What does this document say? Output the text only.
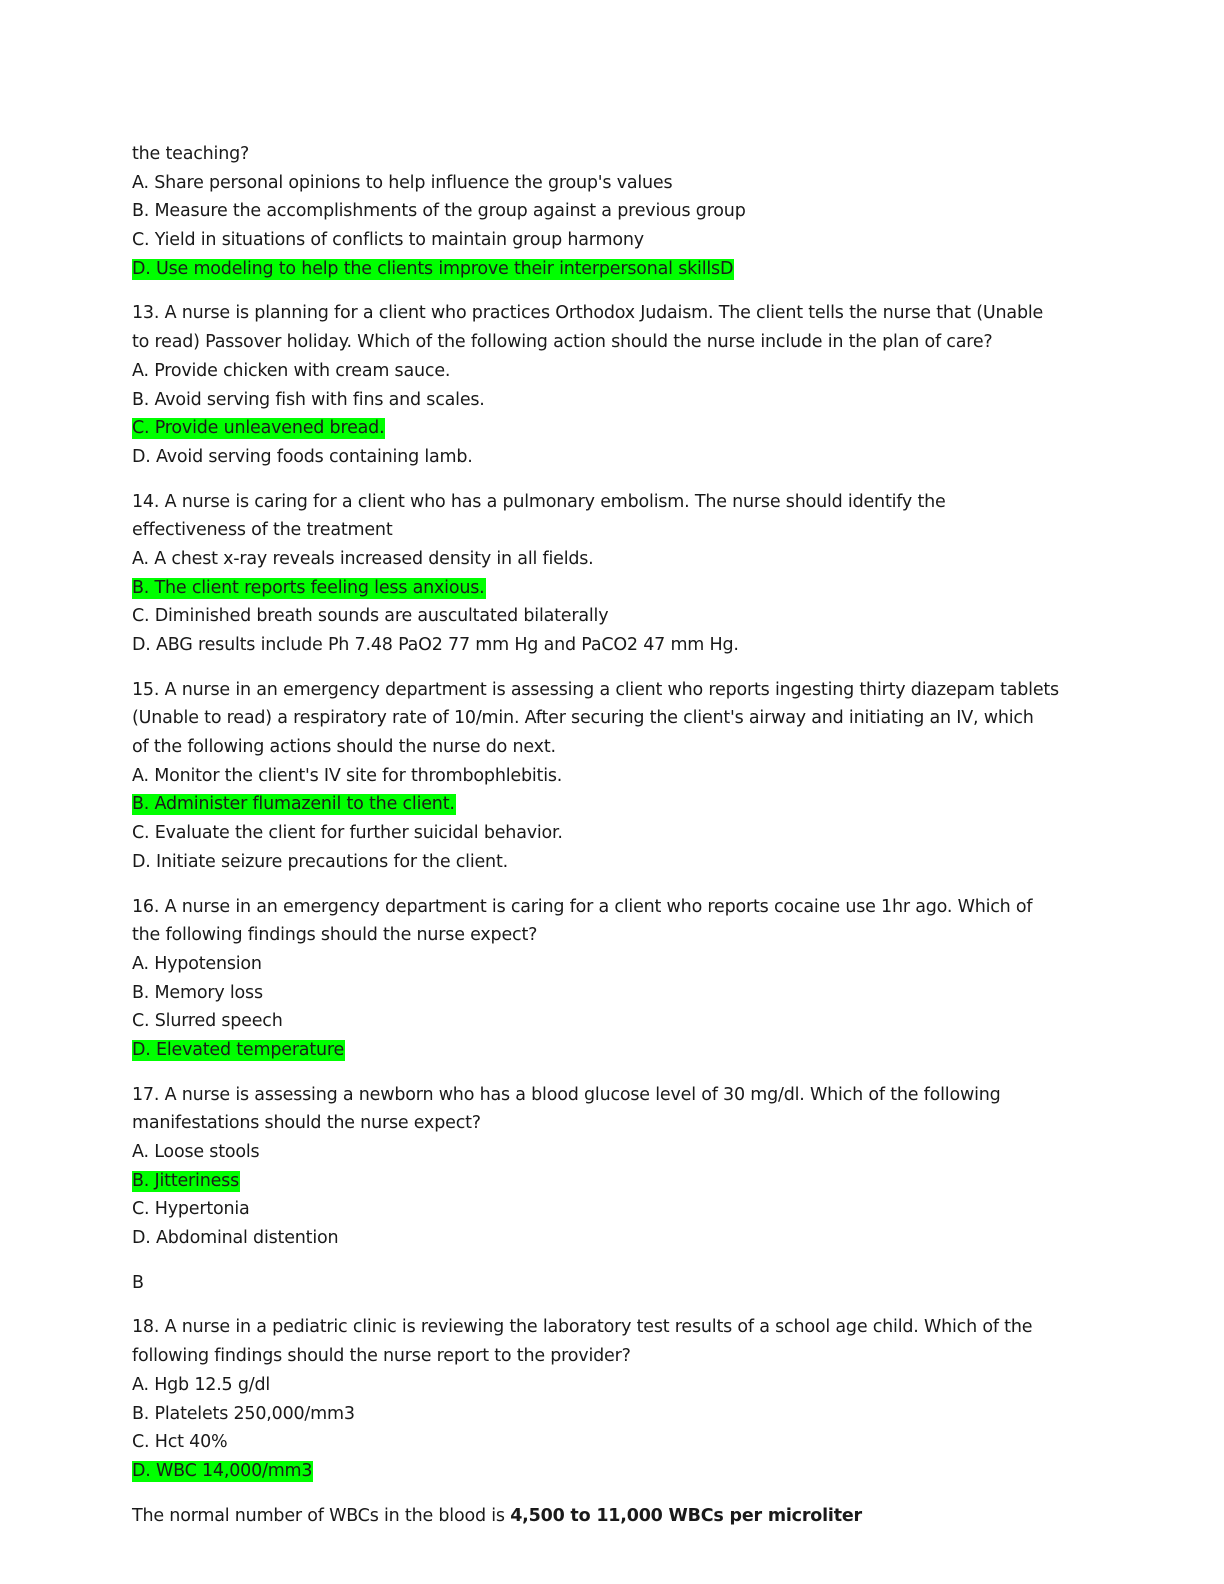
the teaching?
A. Share personal opinions to help influence the group's values
B. Measure the accomplishments of the group against a previous group
C. Yield in situations of conflicts to maintain group harmony
D. Use modeling to help the clients improve their interpersonal skillsD
13. A nurse is planning for a client who practices Orthodox Judaism. The client tells the nurse that (Unable
to read) Passover holiday. Which of the following action should the nurse include in the plan of care?
A. Provide chicken with cream sauce.
B. Avoid serving fish with fins and scales.
C. Provide unleavened bread.
D. Avoid serving foods containing lamb.
14. A nurse is caring for a client who has a pulmonary embolism. The nurse should identify the
effectiveness of the treatment
A. A chest x-ray reveals increased density in all fields.
B. The client reports feeling less anxious.
C. Diminished breath sounds are auscultated bilaterally
D. ABG results include Ph 7.48 PaO2 77 mm Hg and PaCO2 47 mm Hg.
15. A nurse in an emergency department is assessing a client who reports ingesting thirty diazepam tablets
(Unable to read) a respiratory rate of 10/min. After securing the client's airway and initiating an IV, which
of the following actions should the nurse do next.
A. Monitor the client's IV site for thrombophlebitis.
B. Administer flumazenil to the client.
C. Evaluate the client for further suicidal behavior.
D. Initiate seizure precautions for the client.
16. A nurse in an emergency department is caring for a client who reports cocaine use 1hr ago. Which of
the following findings should the nurse expect?
A. Hypotension
B. Memory loss
C. Slurred speech
D. Elevated temperature
17. A nurse is assessing a newborn who has a blood glucose level of 30 mg/dl. Which of the following
manifestations should the nurse expect?
A. Loose stools
B. Jitteriness
C. Hypertonia
D. Abdominal distention
B
18. A nurse in a pediatric clinic is reviewing the laboratory test results of a school age child. Which of the
following findings should the nurse report to the provider?
A. Hgb 12.5 g/dl
B. Platelets 250,000/mm3
C. Hct 40%
D. WBC 14,000/mm3
The normal number of WBCs in the blood is 4,500 to 11,000 WBCs per microliter
